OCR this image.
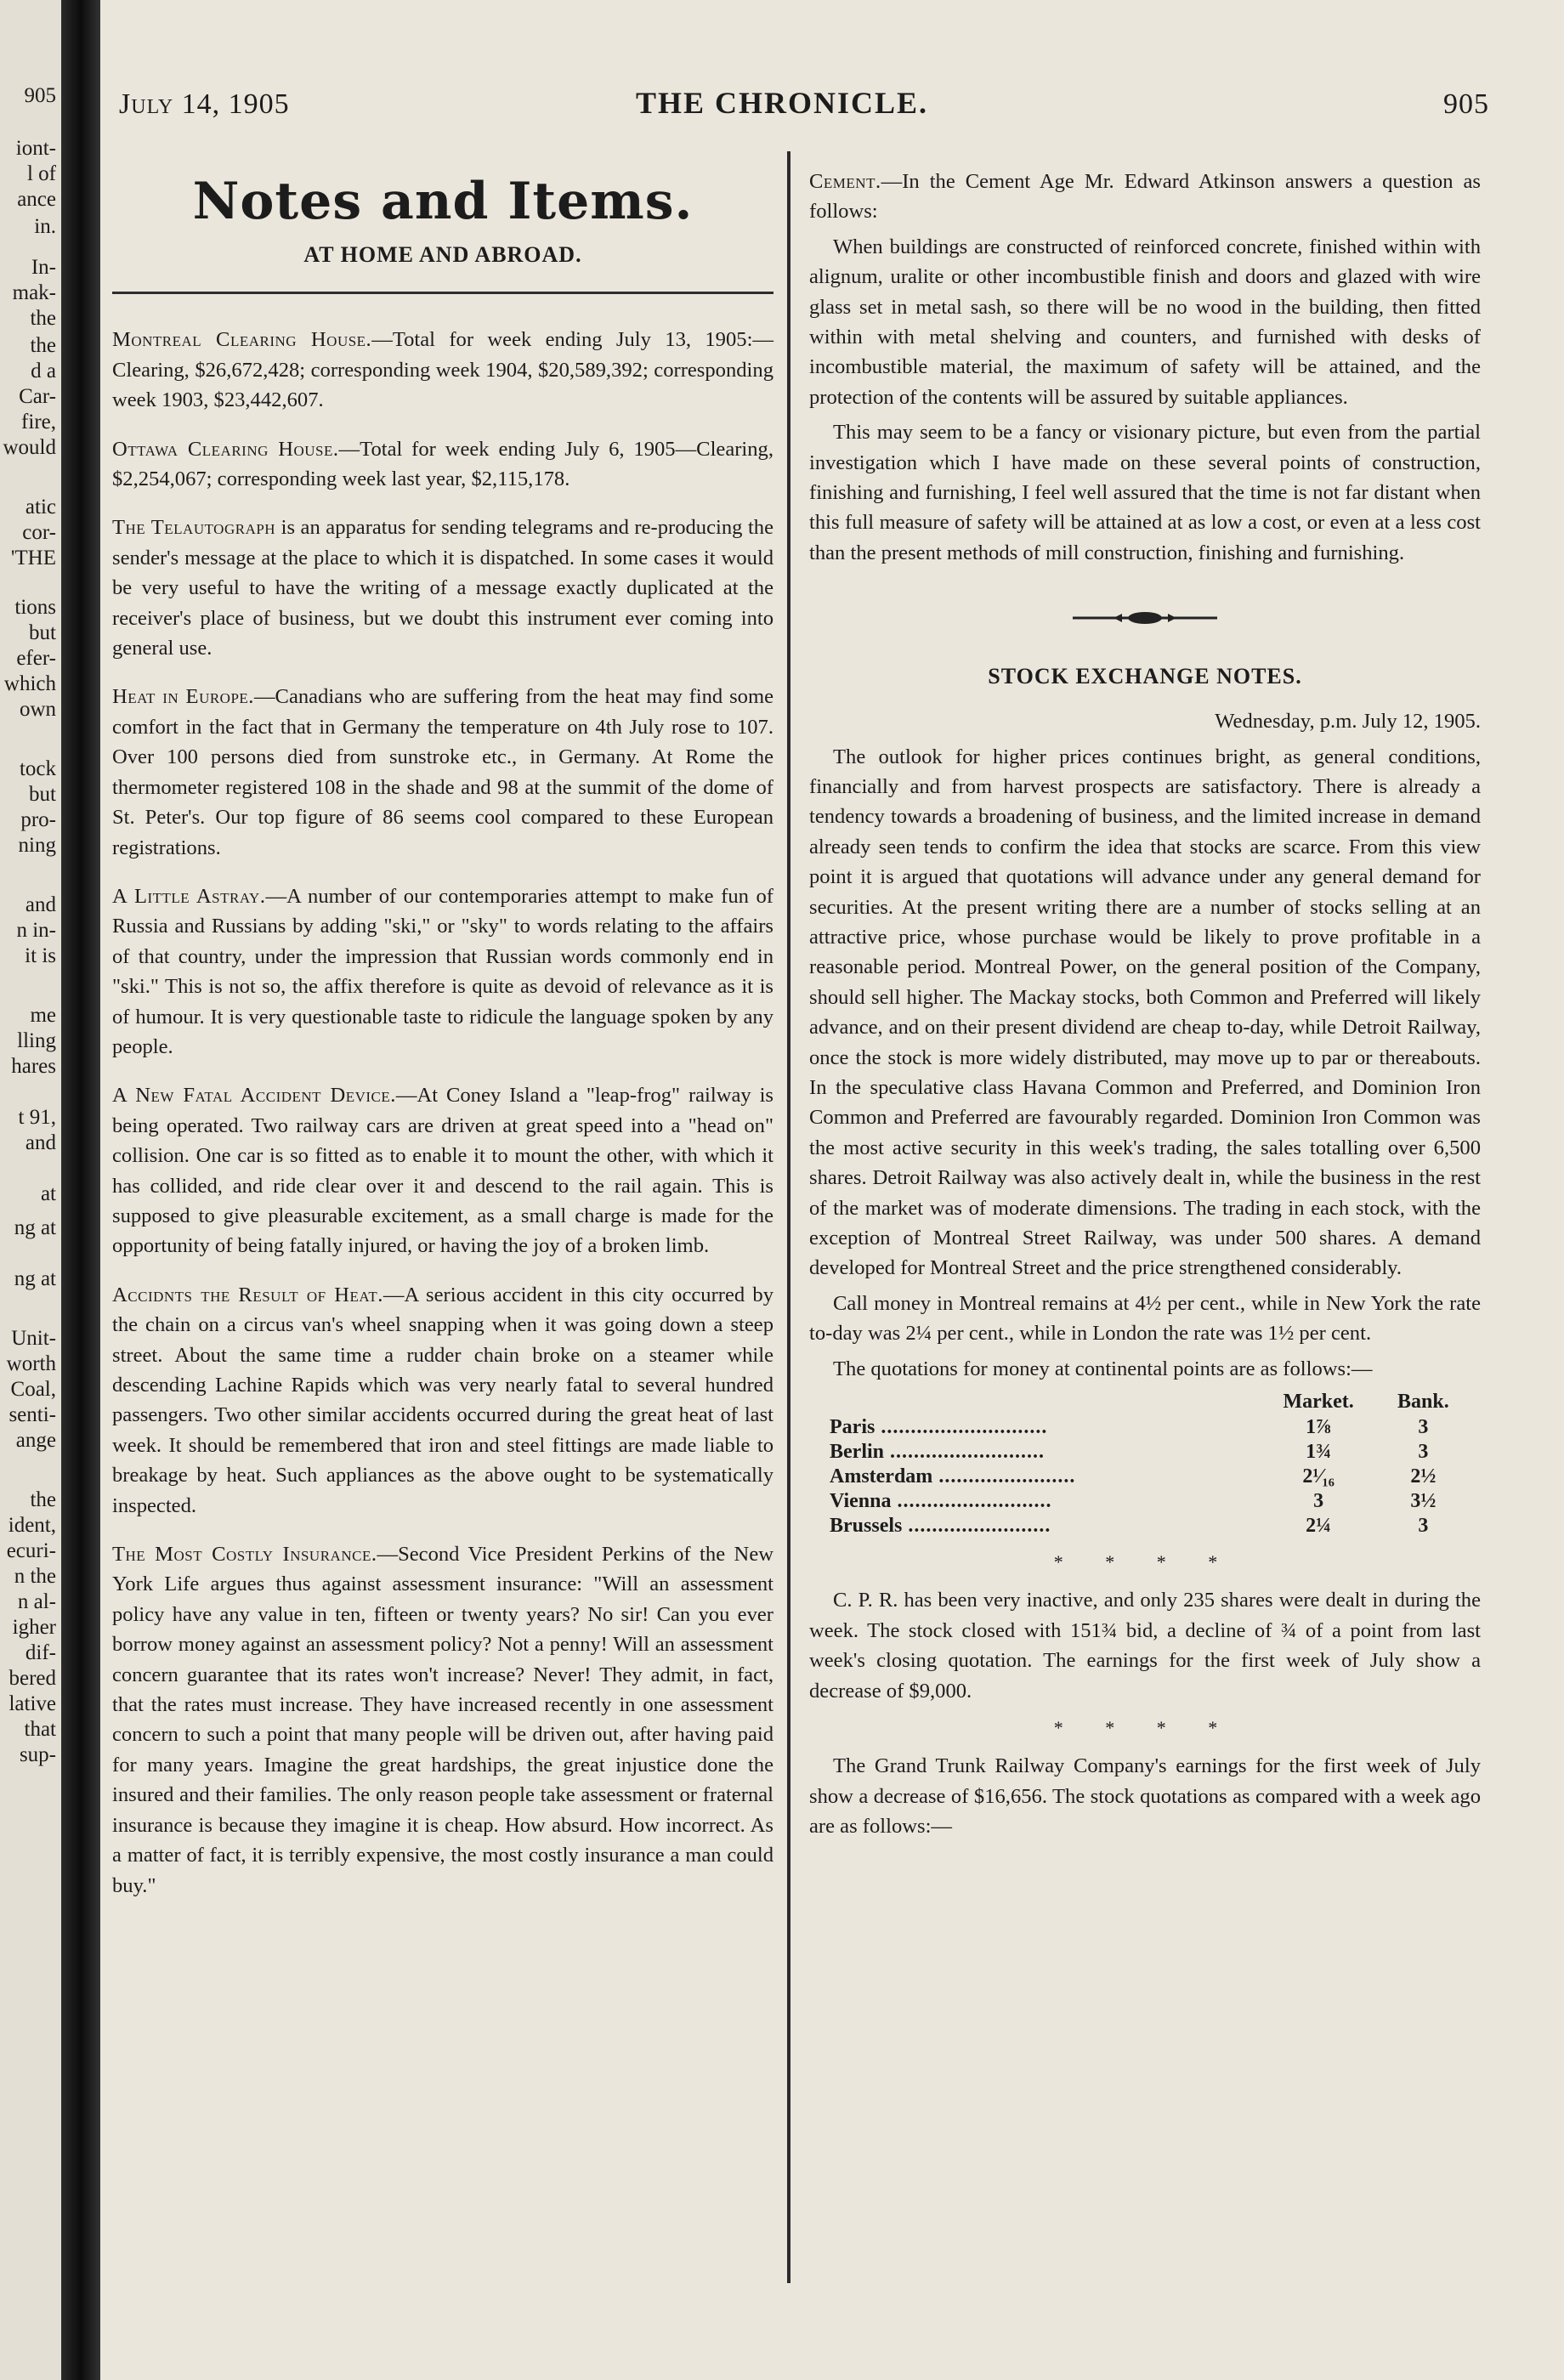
905
iont-
l of
ance
in.
In-
mak-
the
the
d a
Car-
fire,
would
atic
cor-
'THE
tions
but
efer-
which
own
tock
but
pro-
ning
and
n in-
it is
me
lling
hares
t 91,
and
at
ng at
ng at
Unit-
worth
Coal,
senti-
ange
the
ident,
ecuri-
n the
n al-
igher
dif-
bered
lative
that
sup-
July 14, 1905	THE CHRONICLE.	905
Notes and Items.
AT HOME AND ABROAD.

Montreal Clearing House.—Total for week ending July 13, 1905:—Clearing, $26,672,428; corresponding week 1904, $20,589,392; corresponding week 1903, $23,442,607.

Ottawa Clearing House.—Total for week ending July 6, 1905—Clearing, $2,254,067; corresponding week last year, $2,115,178.

The Telautograph is an apparatus for sending telegrams and re-producing the sender's message at the place to which it is dispatched. In some cases it would be very useful to have the writing of a message exactly duplicated at the receiver's place of business, but we doubt this instrument ever coming into general use.

Heat in Europe.—Canadians who are suffering from the heat may find some comfort in the fact that in Germany the temperature on 4th July rose to 107. Over 100 persons died from sunstroke etc., in Germany. At Rome the thermometer registered 108 in the shade and 98 at the summit of the dome of St. Peter's. Our top figure of 86 seems cool compared to these European registrations.

A Little Astray.—A number of our contemporaries attempt to make fun of Russia and Russians by adding "ski," or "sky" to words relating to the affairs of that country, under the impression that Russian words commonly end in "ski." This is not so, the affix therefore is quite as devoid of relevance as it is of humour. It is very questionable taste to ridicule the language spoken by any people.

A New Fatal Accident Device.—At Coney Island a "leap-frog" railway is being operated. Two railway cars are driven at great speed into a "head on" collision. One car is so fitted as to enable it to mount the other, with which it has collided, and ride clear over it and descend to the rail again. This is supposed to give pleasurable excitement, as a small charge is made for the opportunity of being fatally injured, or having the joy of a broken limb.

Accidnts the Result of Heat.—A serious accident in this city occurred by the chain on a circus van's wheel snapping when it was going down a steep street. About the same time a rudder chain broke on a steamer while descending Lachine Rapids which was very nearly fatal to several hundred passengers. Two other similar accidents occurred during the great heat of last week. It should be remembered that iron and steel fittings are made liable to breakage by heat. Such appliances as the above ought to be systematically inspected.

The Most Costly Insurance.—Second Vice President Perkins of the New York Life argues thus against assessment insurance: "Will an assessment policy have any value in ten, fifteen or twenty years? No sir! Can you ever borrow money against an assessment policy? Not a penny! Will an assessment concern guarantee that its rates won't increase? Never! They admit, in fact, that the rates must increase. They have increased recently in one assessment concern to such a point that many people will be driven out, after having paid for many years. Imagine the great hardships, the great injustice done the insured and their families. The only reason people take assessment or fraternal insurance is because they imagine it is cheap. How absurd. How incorrect. As a matter of fact, it is terribly expensive, the most costly insurance a man could buy."

Cement.—In the Cement Age Mr. Edward Atkinson answers a question as follows:

When buildings are constructed of reinforced concrete, finished within with alignum, uralite or other incombustible finish and doors and glazed with wire glass set in metal sash, so there will be no wood in the building, then fitted within with metal shelving and counters, and furnished with desks of incombustible material, the maximum of safety will be attained, and the protection of the contents will be assured by suitable appliances.

This may seem to be a fancy or visionary picture, but even from the partial investigation which I have made on these several points of construction, finishing and furnishing, I feel well assured that the time is not far distant when this full measure of safety will be attained at as low a cost, or even at a less cost than the present methods of mill construction, finishing and furnishing.

STOCK EXCHANGE NOTES.

Wednesday, p.m. July 12, 1905.

The outlook for higher prices continues bright, as general conditions, financially and from harvest prospects are satisfactory. There is already a tendency towards a broadening of business, and the limited increase in demand already seen tends to confirm the idea that stocks are scarce. From this view point it is argued that quotations will advance under any general demand for securities. At the present writing there are a number of stocks selling at an attractive price, whose purchase would be likely to prove profitable in a reasonable period. Montreal Power, on the general position of the Company, should sell higher. The Mackay stocks, both Common and Preferred will likely advance, and on their present dividend are cheap to-day, while Detroit Railway, once the stock is more widely distributed, may move up to par or thereabouts. In the speculative class Havana Common and Preferred, and Dominion Iron Common and Preferred are favourably regarded. Dominion Iron Common was the most active security in this week's trading, the sales totalling over 6,500 shares. Detroit Railway was also actively dealt in, while the business in the rest of the market was of moderate dimensions. The trading in each stock, with the exception of Montreal Street Railway, was under 500 shares. A demand developed for Montreal Street and the price strengthened considerably.

Call money in Montreal remains at 4½ per cent., while in New York the rate to-day was 2¼ per cent., while in London the rate was 1½ per cent.

The quotations for money at continental points are as follows:—

	Market.	Bank.
Paris ............................	1⅞	3
Berlin ..........................	1¾	3
Amsterdam .......................	2¹⁄₁₆	2½
Vienna ..........................	3	3½
Brussels ........................	2¼	3
* * * *

C. P. R. has been very inactive, and only 235 shares were dealt in during the week. The stock closed with 151¾ bid, a decline of ¾ of a point from last week's closing quotation. The earnings for the first week of July show a decrease of $9,000.

* * * *

The Grand Trunk Railway Company's earnings for the first week of July show a decrease of $16,656. The stock quotations as compared with a week ago are as follows:—
